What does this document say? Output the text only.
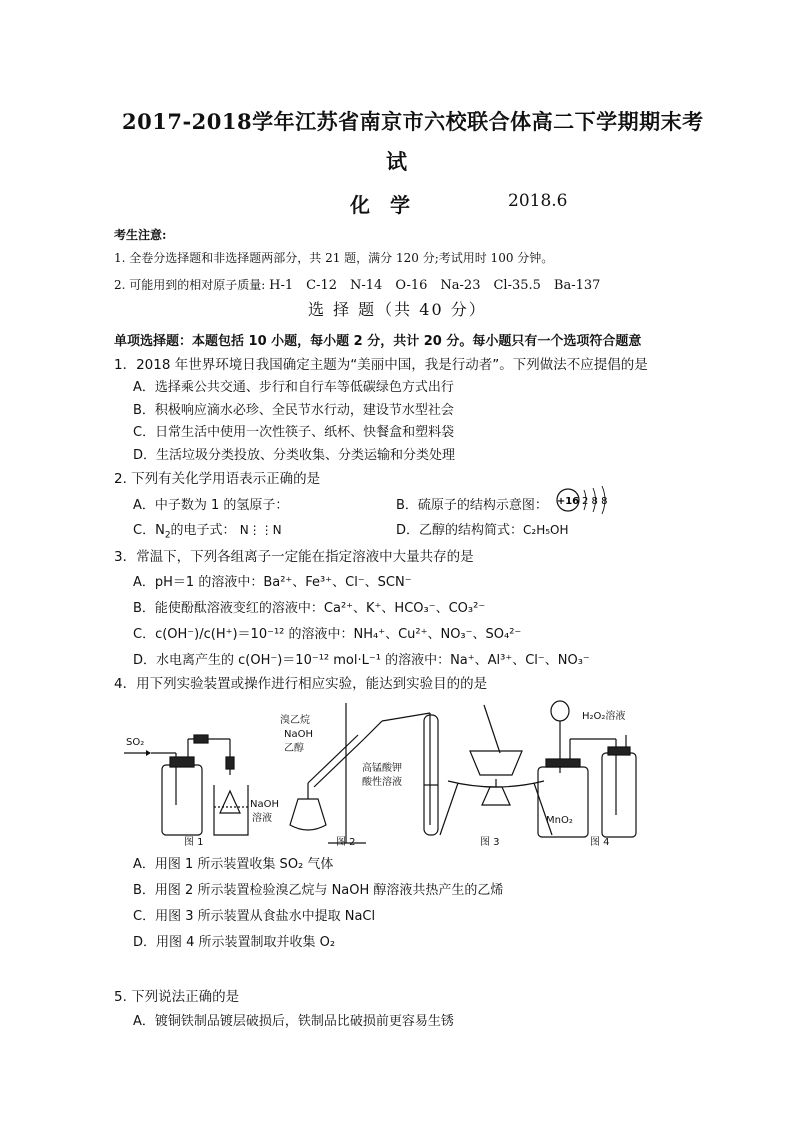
2017-2018学年江苏省南京市六校联合体高二下学期期末考
试
化　学	2018.6
考生注意:
1. 全卷分选择题和非选择题两部分，共 21 题，满分 120 分;考试用时 100 分钟。
2. 可能用到的相对原子质量: H-1　C-12　N-14　O-16　Na-23　Cl-35.5　Ba-137
选 择 题（共 40 分）
单项选择题：本题包括 10 小题，每小题 2 分，共计 20 分。每小题只有一个选项符合题意
1．2018 年世界环境日我国确定主题为“美丽中国，我是行动者”。下列做法不应提倡的是
A．选择乘公共交通、步行和自行车等低碳绿色方式出行
B．积极响应滴水必珍、全民节水行动，建设节水型社会
C．日常生活中使用一次性筷子、纸杯、快餐盒和塑料袋
D．生活垃圾分类投放、分类收集、分类运输和分类处理
2. 下列有关化学用语表示正确的是
A．中子数为 1 的氢原子：	B．硫原子的结构示意图： +16 2 8 8
C．$N_2$的电子式： N⋮⋮N	D．乙醇的结构简式：C₂H₅OH
3．常温下，下列各组离子一定能在指定溶液中大量共存的是
A．pH＝1 的溶液中：Ba²⁺、Fe³⁺、Cl⁻、SCN⁻
B．能使酚酞溶液变红的溶液中：Ca²⁺、K⁺、HCO₃⁻、CO₃²⁻
C．c(OH⁻)/c(H⁺)＝10⁻¹² 的溶液中：NH₄⁺、Cu²⁺、NO₃⁻、SO₄²⁻
D．水电离产生的 c(OH⁻)＝10⁻¹² mol·L⁻¹ 的溶液中：Na⁺、Al³⁺、Cl⁻、NO₃⁻
4．用下列实验装置或操作进行相应实验，能达到实验目的的是
SO₂
NaOH
溶液
溴乙烷
NaOH
乙醇
高锰酸钾
酸性溶液
H₂O₂溶液
MnO₂
图 1	图 2	图 3	图 4
A．用图 1 所示装置收集 SO₂ 气体
B．用图 2 所示装置检验溴乙烷与 NaOH 醇溶液共热产生的乙烯
C．用图 3 所示装置从食盐水中提取 NaCl
D．用图 4 所示装置制取并收集 O₂
5. 下列说法正确的是
A．镀铜铁制品镀层破损后，铁制品比破损前更容易生锈
